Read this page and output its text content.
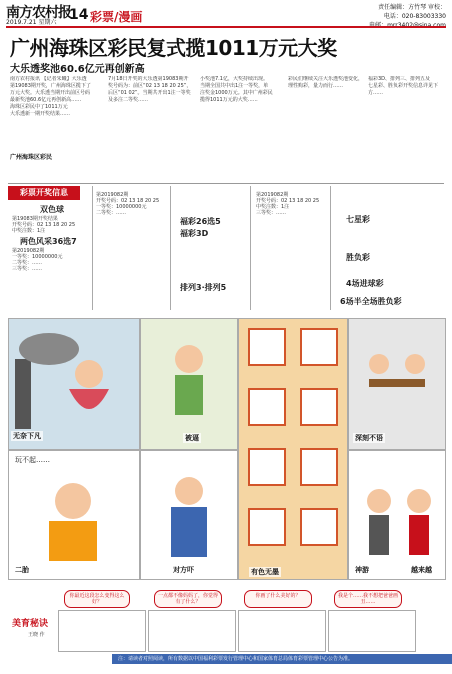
南方农村报
2019.7.21 星期六 14 彩票/漫画
责任编辑：方竹琴 审校：
电话：020-83003330
广州海珠区彩民复式揽1011万元大奖
大乐透奖池60.6亿元再创新高
南方农村报讯 【记者朱曦】大乐透
第19083期开奖，广州海珠区揽下了
万元大奖。大乐透当期开出前区号码
最新奖池60.6亿元再创新高……
海珠区彩民中了1011万元
大乐透新一期开奖结果……
广州海珠区彩民
7月18日开奖的大乐透第19083期开
奖号码为：前区“02 13 18 20 25”，
后区“01 02”。当期共开出1注一等奖
及多注二等奖……
小奖池7.1亿，大奖持续出现。
当期全国共中出1注一等奖，单
注奖金1000万元。其中广州彩民
揽得1011万元的大奖……
彩民们继续关注大乐透奖池变化，
理性购彩，量力而行……
福彩3D、排列三、排列五及
七星彩、胜负彩开奖信息详见下方……
彩票开奖信息
双色球
两色风采36选7
福彩26选5
福彩3D
排列3·排列5
七星彩
胜负彩
4场进球彩
6场半全场胜负彩
第19083期开奖结果
开奖号码：02 13 18 20 25
中奖注数：1注
第2019082期
一等奖：10000000元
二等奖：……
三等奖：……
第2019082期
开奖号码：02 13 18 20 25
一等奖：10000000元
二等奖：……
第2019082期
开奖号码：02 13 18 20 25
中奖注数：1注
三等奖：……
无奈下凡	被逼
有色无墨
深刻不语
玩不起……
二胎	对方吓	神游	越来越
美育秘诀
王晓 作
你最近这段怎么变得这么好？
一点都不像妈妈了，你觉得有了什么？
你画了什么美好的？	我是个……我不想把爸爸画丑……
注：请读者对照阅读，所有数据以中国福利彩票发行管理中心和国家体育总局体育彩票管理中心公告为准。
